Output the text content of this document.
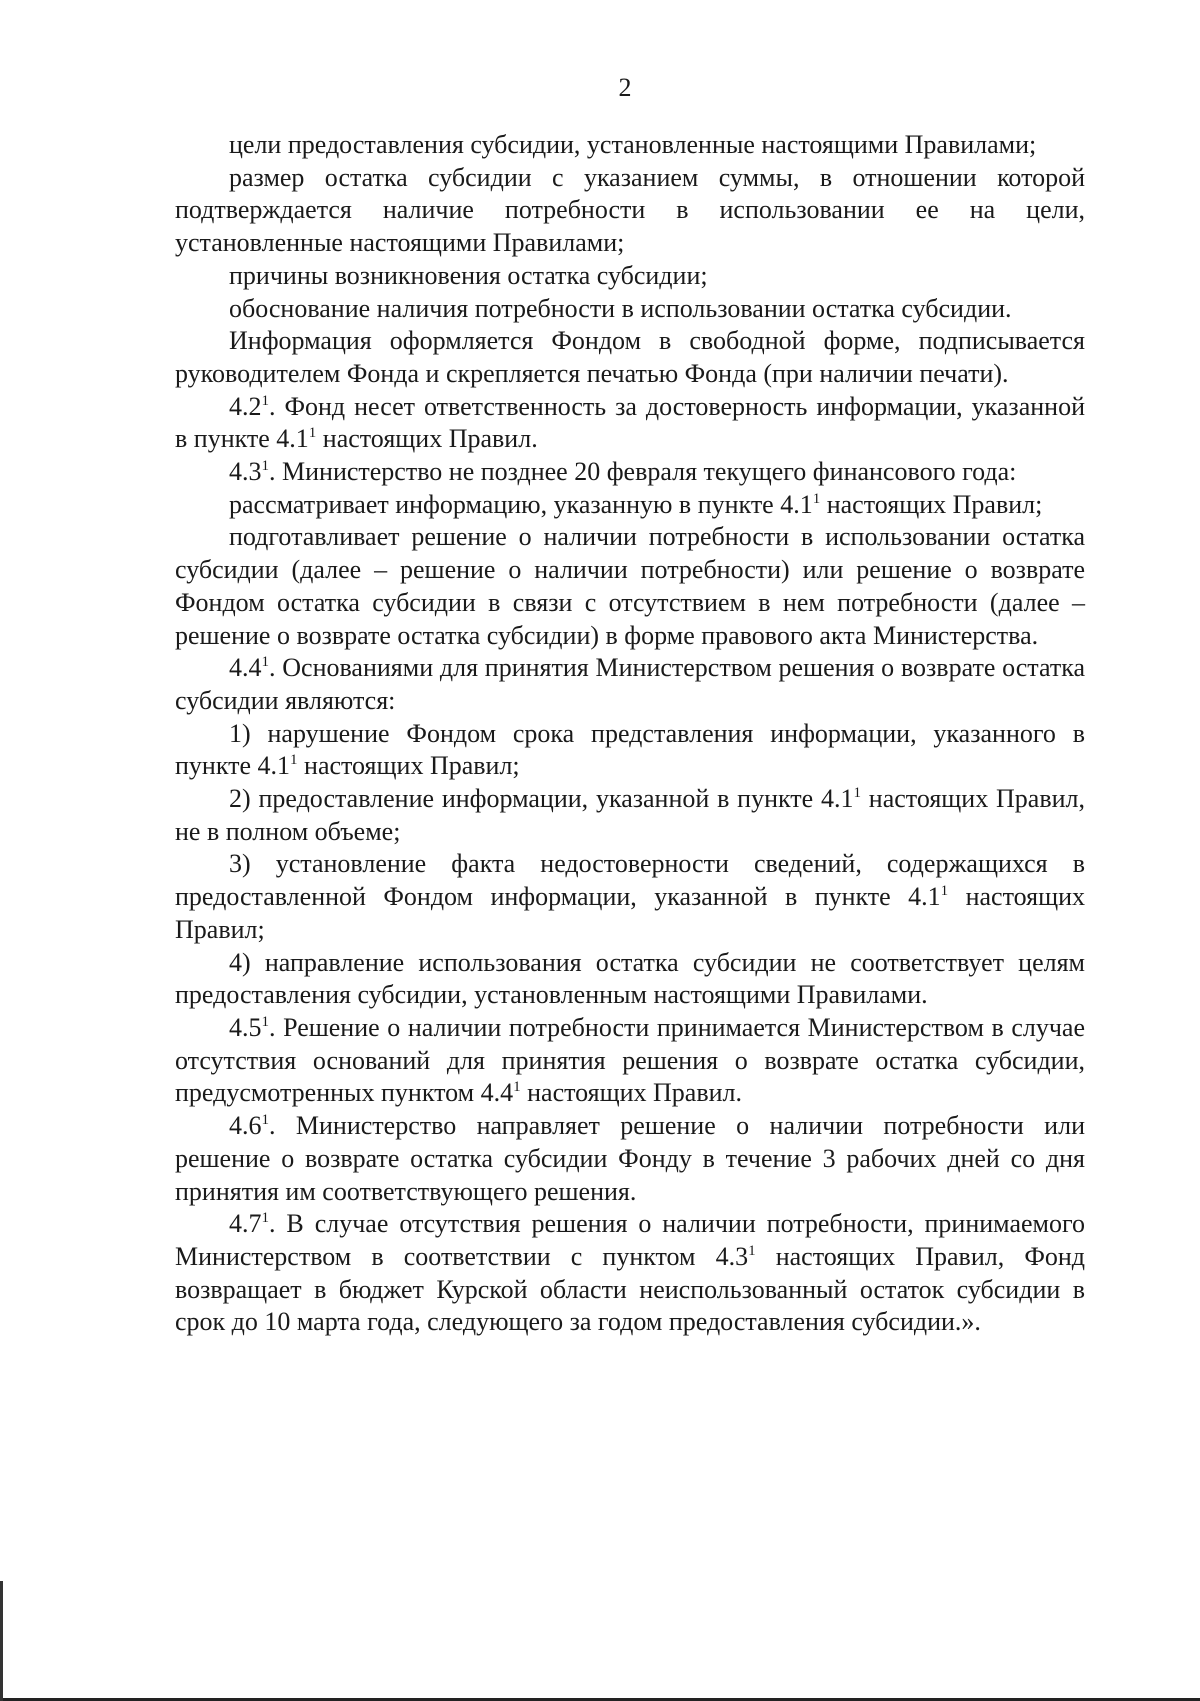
2

цели предоставления субсидии, установленные настоящими Правилами;

размер остатка субсидии с указанием суммы, в отношении которой подтверждается наличие потребности в использовании ее на цели, установленные настоящими Правилами;

причины возникновения остатка субсидии;

обоснование наличия потребности в использовании остатка субсидии.

Информация оформляется Фондом в свободной форме, подписывается руководителем Фонда и скрепляется печатью Фонда (при наличии печати).

$4.2^1$. Фонд несет ответственность за достоверность информации, указанной в пункте $4.1^1$ настоящих Правил.

$4.3^1$. Министерство не позднее 20 февраля текущего финансового года:

рассматривает информацию, указанную в пункте $4.1^1$ настоящих Правил;

подготавливает решение о наличии потребности в использовании остатка субсидии (далее – решение о наличии потребности) или решение о возврате Фондом остатка субсидии в связи с отсутствием в нем потребности (далее – решение о возврате остатка субсидии) в форме правового акта Министерства.

$4.4^1$. Основаниями для принятия Министерством решения о возврате остатка субсидии являются:

1) нарушение Фондом срока представления информации, указанного в пункте $4.1^1$ настоящих Правил;

2) предоставление информации, указанной в пункте $4.1^1$ настоящих Правил, не в полном объеме;

3) установление факта недостоверности сведений, содержащихся в предоставленной Фондом информации, указанной в пункте $4.1^1$ настоящих Правил;

4) направление использования остатка субсидии не соответствует целям предоставления субсидии, установленным настоящими Правилами.

$4.5^1$. Решение о наличии потребности принимается Министерством в случае отсутствия оснований для принятия решения о возврате остатка субсидии, предусмотренных пунктом $4.4^1$ настоящих Правил.

$4.6^1$. Министерство направляет решение о наличии потребности или решение о возврате остатка субсидии Фонду в течение 3 рабочих дней со дня принятия им соответствующего решения.

$4.7^1$. В случае отсутствия решения о наличии потребности, принимаемого Министерством в соответствии с пунктом $4.3^1$ настоящих Правил, Фонд возвращает в бюджет Курской области неиспользованный остаток субсидии в срок до 10 марта года, следующего за годом предоставления субсидии.».
